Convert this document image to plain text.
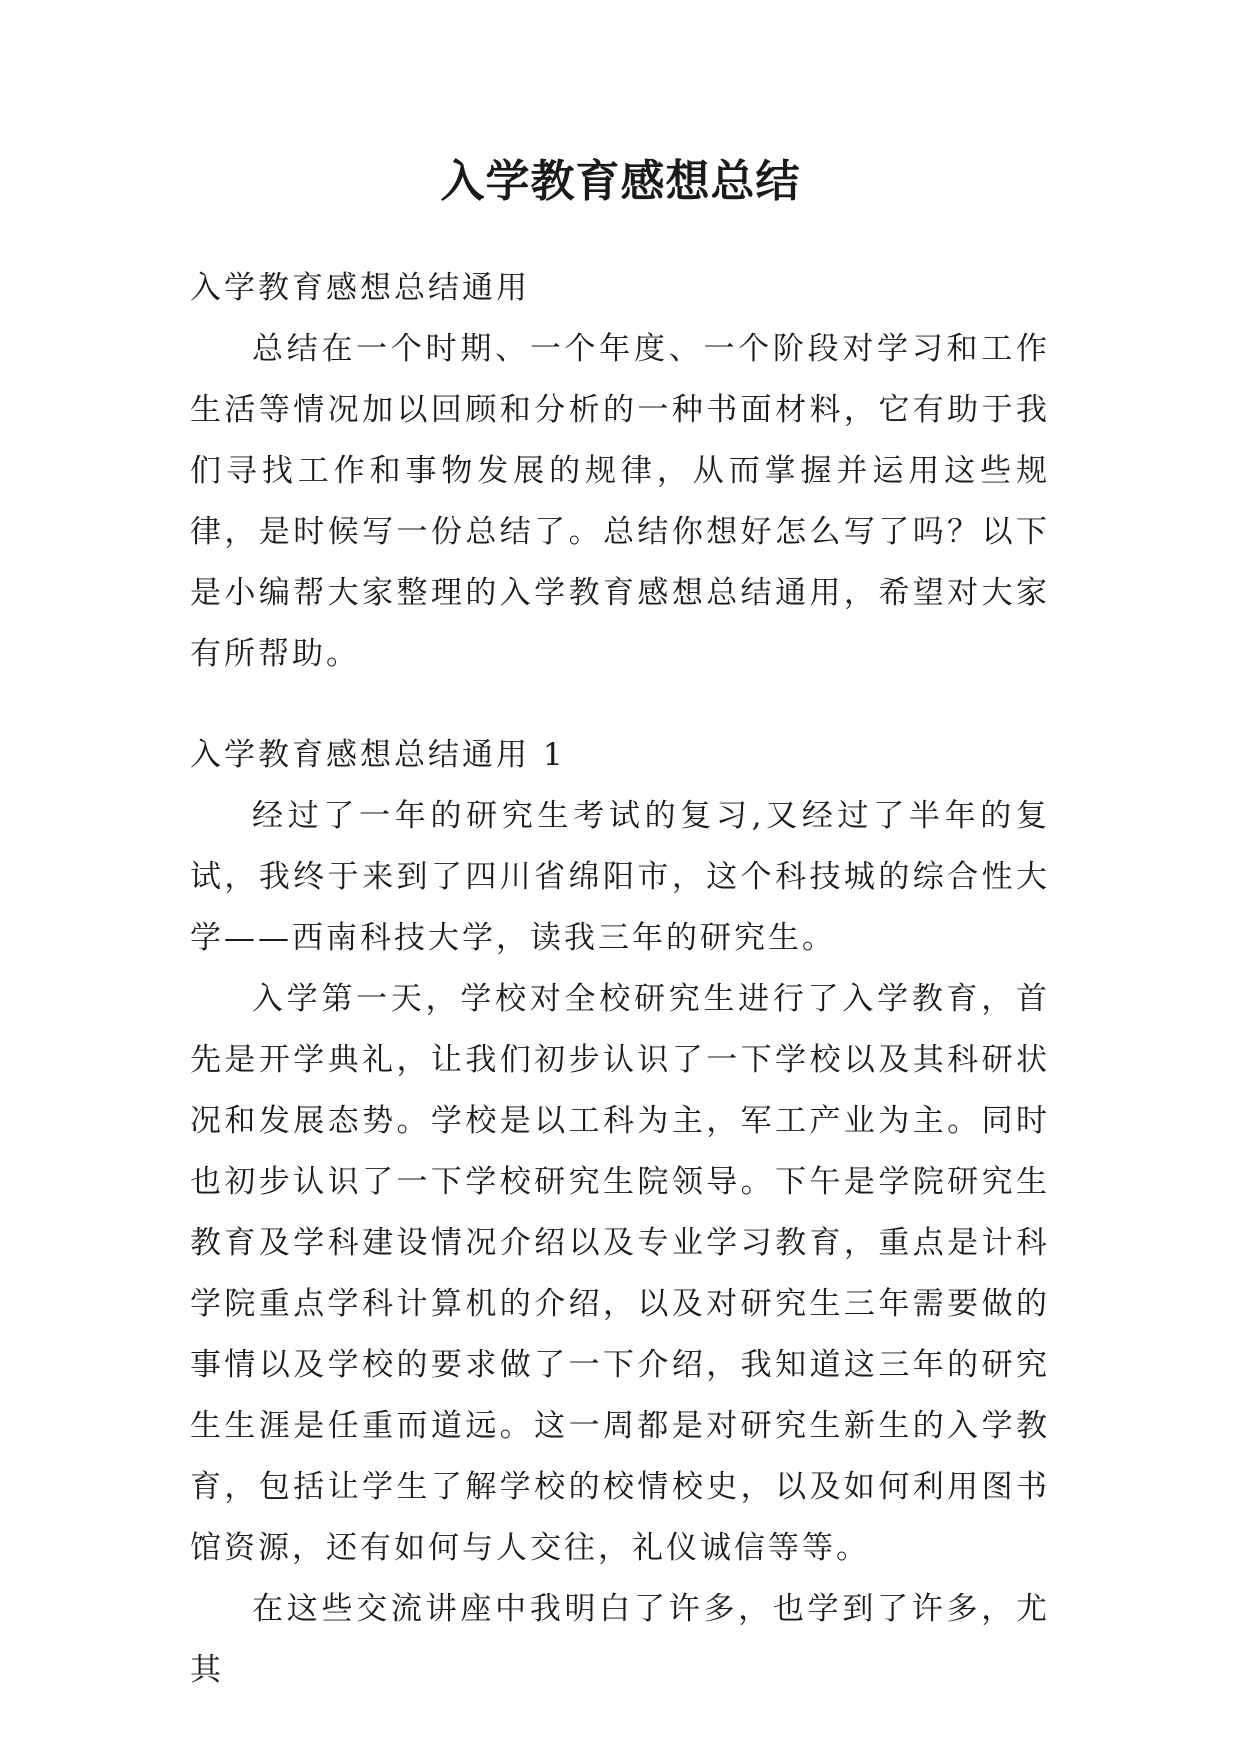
入学教育感想总结

入学教育感想总结通用

总结在一个时期、一个年度、一个阶段对学习和工作生活等情况加以回顾和分析的一种书面材料，它有助于我们寻找工作和事物发展的规律，从而掌握并运用这些规律，是时候写一份总结了。总结你想好怎么写了吗？以下是小编帮大家整理的入学教育感想总结通用，希望对大家有所帮助。

入学教育感想总结通用 1

经过了一年的研究生考试的复习,又经过了半年的复试，我终于来到了四川省绵阳市，这个科技城的综合性大学——西南科技大学，读我三年的研究生。

入学第一天，学校对全校研究生进行了入学教育，首先是开学典礼，让我们初步认识了一下学校以及其科研状况和发展态势。学校是以工科为主，军工产业为主。同时也初步认识了一下学校研究生院领导。下午是学院研究生教育及学科建设情况介绍以及专业学习教育，重点是计科学院重点学科计算机的介绍，以及对研究生三年需要做的事情以及学校的要求做了一下介绍，我知道这三年的研究生生涯是任重而道远。这一周都是对研究生新生的入学教育，包括让学生了解学校的校情校史，以及如何利用图书馆资源，还有如何与人交往，礼仪诚信等等。

在这些交流讲座中我明白了许多，也学到了许多，尤其
